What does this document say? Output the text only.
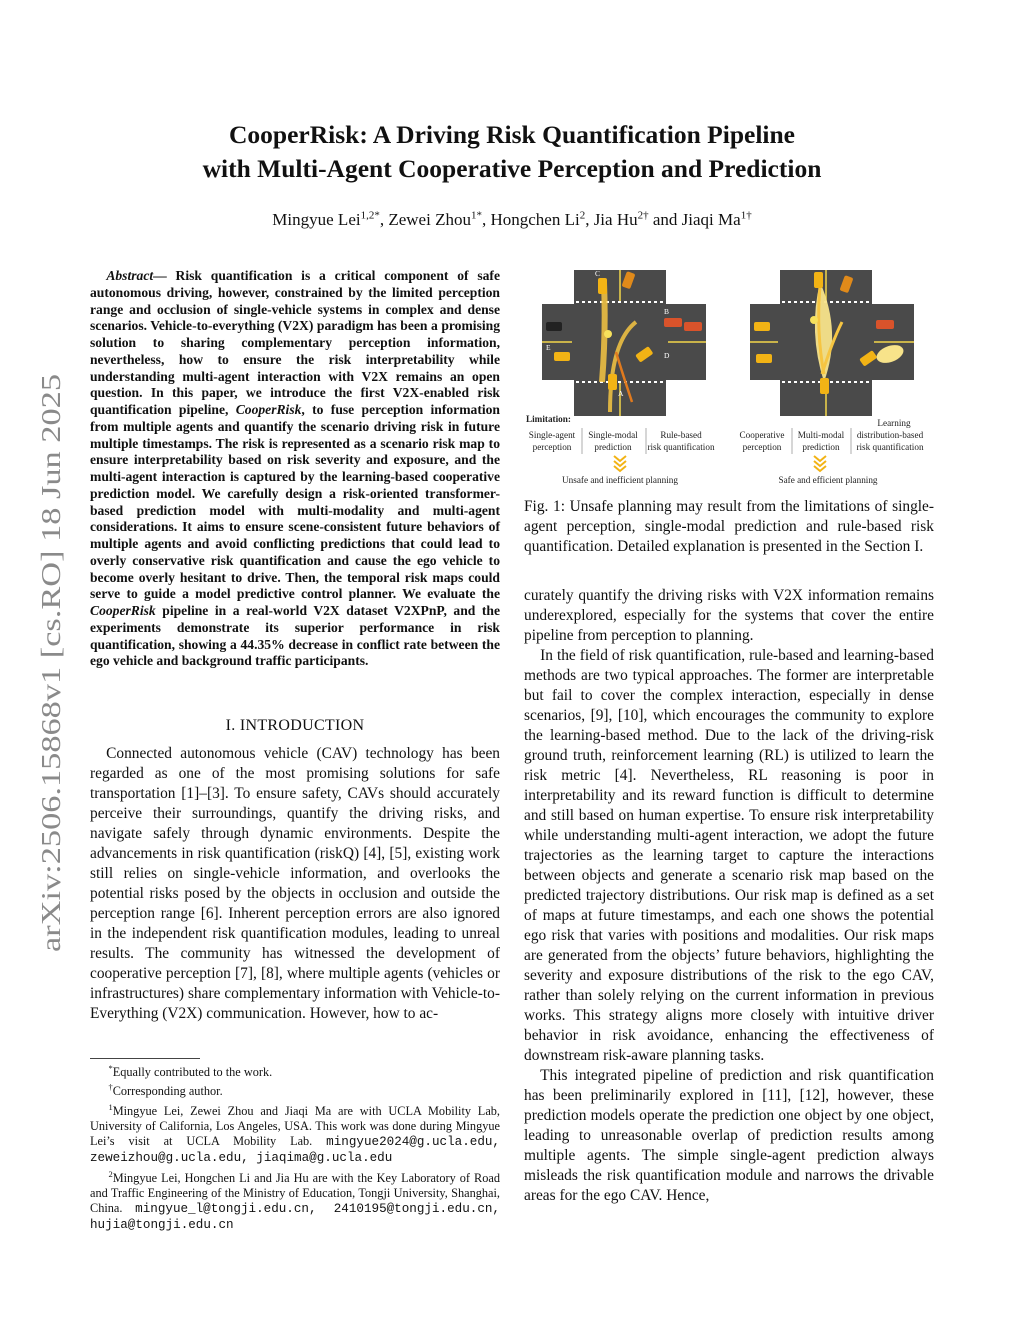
arXiv:2506.15868v1 [cs.RO] 18 Jun 2025
CooperRisk: A Driving Risk Quantification Pipeline
with Multi-Agent Cooperative Perception and Prediction
Mingyue Lei$^{1,2*}$, Zewei Zhou$^{1*}$, Hongchen Li$^2$, Jia $Hu^{2\dagger}$ and Jiaqi $Ma^{1\dagger}$
Abstract— Risk quantification is a critical component of safe autonomous driving, however, constrained by the limited perception range and occlusion of single-vehicle systems in complex and dense scenarios. Vehicle-to-everything (V2X) paradigm has been a promising solution to sharing complementary perception information, nevertheless, how to ensure the risk interpretability while understanding multi-agent interaction with V2X remains an open question. In this paper, we introduce the first V2X-enabled risk quantification pipeline, CooperRisk, to fuse perception information from multiple agents and quantify the scenario driving risk in future multiple timestamps. The risk is represented as a scenario risk map to ensure interpretability based on risk severity and exposure, and the multi-agent interaction is captured by the learning-based cooperative prediction model. We carefully design a risk-oriented transformer-based prediction model with multi-modality and multi-agent considerations. It aims to ensure scene-consistent future behaviors of multiple agents and avoid conflicting predictions that could lead to overly conservative risk quantification and cause the ego vehicle to become overly hesitant to drive. Then, the temporal risk maps could serve to guide a model predictive control planner. We evaluate the CooperRisk pipeline in a real-world V2X dataset V2XPnP, and the experiments demonstrate its superior performance in risk quantification, showing a 44.35% decrease in conflict rate between the ego vehicle and background traffic participants.
I. INTRODUCTION

Connected autonomous vehicle (CAV) technology has been regarded as one of the most promising solutions for safe transportation [1]–[3]. To ensure safety, CAVs should accurately perceive their surroundings, quantify the driving risks, and navigate safely through dynamic environments. Despite the advancements in risk quantification (riskQ) [4], [5], existing work still relies on single-vehicle information, and overlooks the potential risks posed by the objects in occlusion and outside the perception range [6]. Inherent perception errors are also ignored in the independent risk quantification modules, leading to unreal results. The community has witnessed the development of cooperative perception [7], [8], where multiple agents (vehicles or infrastructures) share complementary information with Vehicle-to-Everything (V2X) communication. However, how to ac-

*Equally contributed to the work.

†Corresponding author.

$^1$Mingyue Lei, Zewei Zhou and Jiaqi Ma are with UCLA Mobility Lab, University of California, Los Angeles, USA. This work was done during Mingyue Lei’s visit at UCLA Mobility Lab. mingyue2024@g.ucla.edu, zeweizhou@g.ucla.edu, jiaqima@g.ucla.edu

$^2$Mingyue Lei, Hongchen Li and Jia Hu are with the Key Laboratory of Road and Traffic Engineering of the Ministry of Education, Tongji University, Shanghai, China. mingyue_l@tongji.edu.cn, 2410195@tongji.edu.cn, hujia@tongji.edu.cn

C
B
E
D
A
Limitation:
Single-agent
perception
Single-modal
prediction
Rule-based
risk quantification
Unsafe and inefficient planning
Cooperative
perception
Multi-modal
prediction
Learning
distribution-based
risk quantification
Safe and efficient planning
Fig. 1: Unsafe planning may result from the limitations of single-agent perception, single-modal prediction and rule-based risk quantification. Detailed explanation is presented in the Section I.

curately quantify the driving risks with V2X information remains underexplored, especially for the systems that cover the entire pipeline from perception to planning.

In the field of risk quantification, rule-based and learning-based methods are two typical approaches. The former are interpretable but fail to cover the complex interaction, especially in dense scenarios, [9], [10], which encourages the community to explore the learning-based method. Due to the lack of the driving-risk ground truth, reinforcement learning (RL) is utilized to learn the risk metric [4]. Nevertheless, RL reasoning is poor in interpretability and its reward function is difficult to determine and still based on human expertise. To ensure risk interpretability while understanding multi-agent interaction, we adopt the future trajectories as the learning target to capture the interactions between objects and generate a scenario risk map based on the predicted trajectory distributions. Our risk map is defined as a set of maps at future timestamps, and each one shows the potential ego risk that varies with positions and modalities. Our risk maps are generated from the objects’ future behaviors, highlighting the severity and exposure distributions of the risk to the ego CAV, rather than solely relying on the current information in previous works. This strategy aligns more closely with intuitive driver behavior in risk avoidance, enhancing the effectiveness of downstream risk-aware planning tasks.

This integrated pipeline of prediction and risk quantification has been preliminarily explored in [11], [12], however, these prediction models operate the prediction one object by one object, leading to unreasonable overlap of prediction results among multiple agents. The simple single-agent prediction always misleads the risk quantification module and narrows the drivable areas for the ego CAV. Hence,
